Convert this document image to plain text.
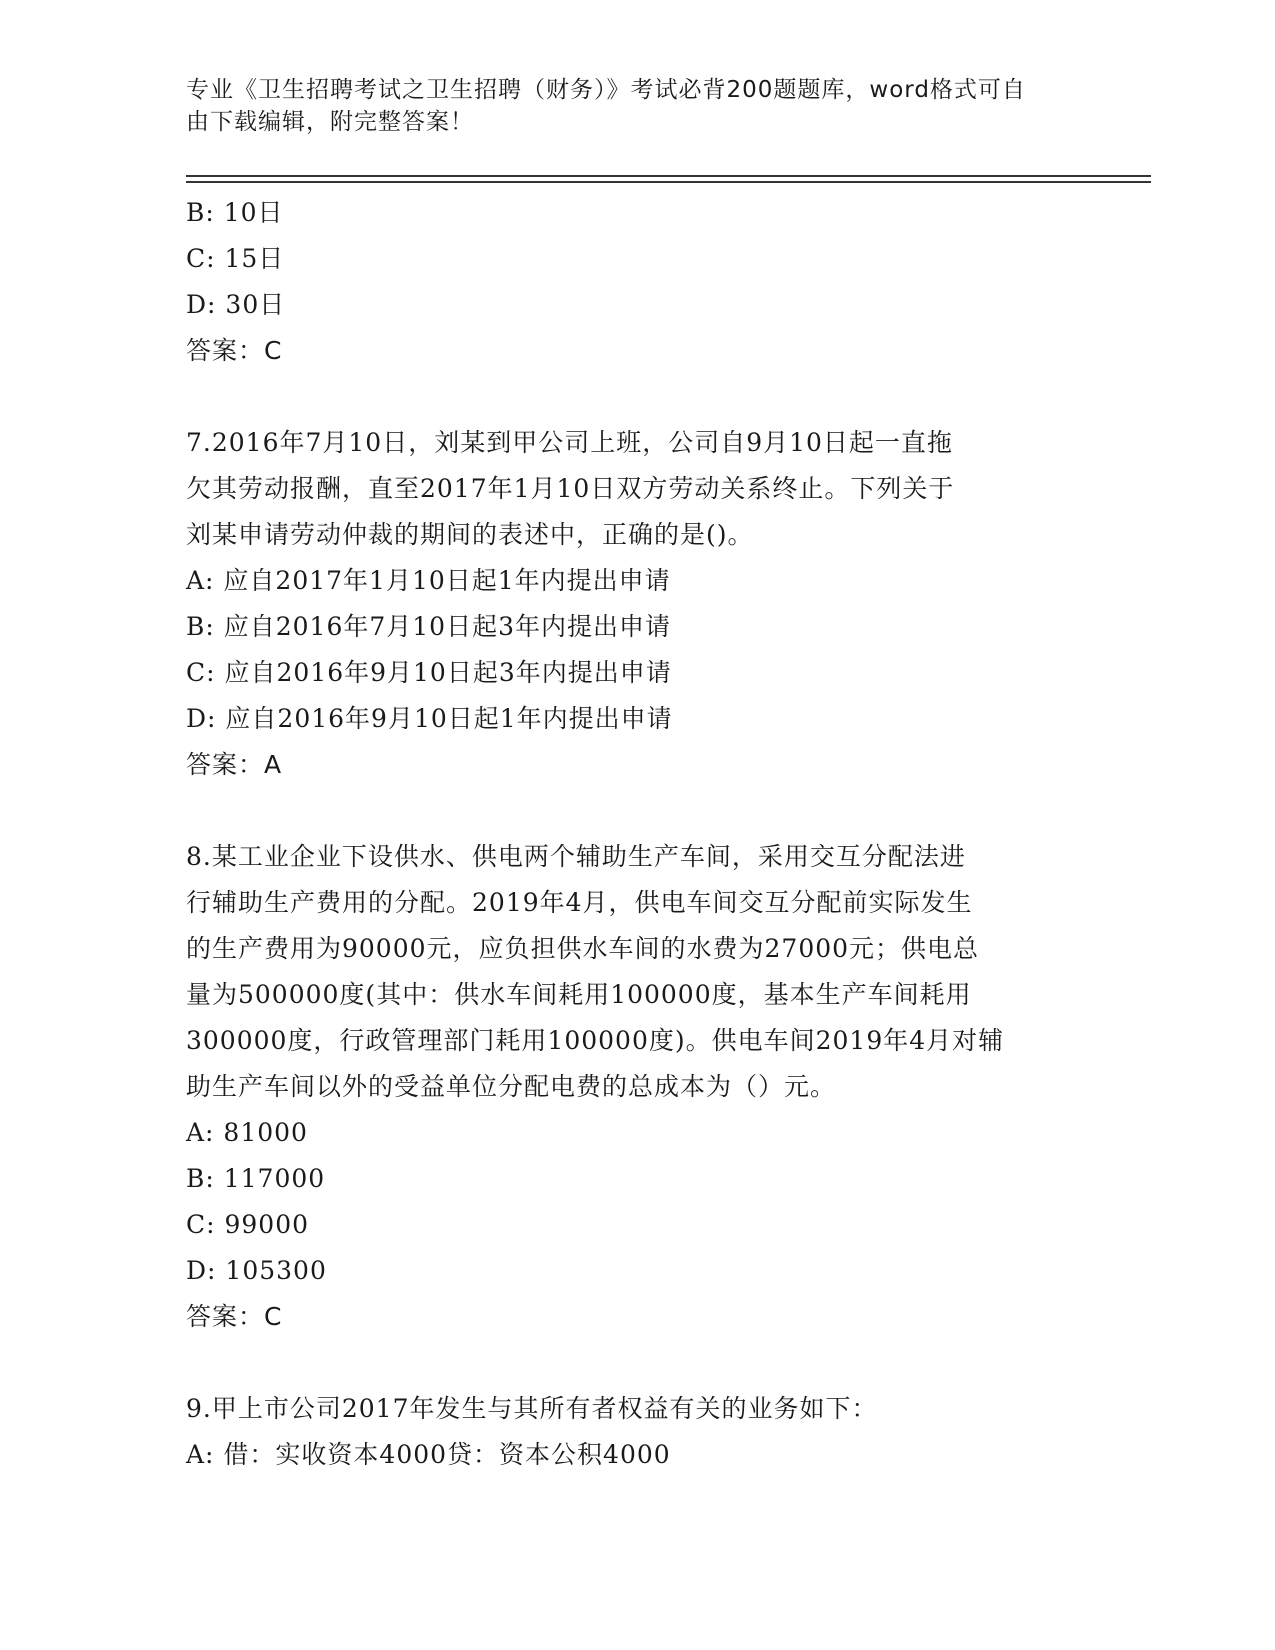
专业《卫生招聘考试之卫生招聘（财务）》考试必背200题题库，word格式可自
由下载编辑，附完整答案！
B: 10日
C: 15日
D: 30日
答案：C
7.2016年7月10日，刘某到甲公司上班，公司自9月10日起一直拖
欠其劳动报酬，直至2017年1月10日双方劳动关系终止。下列关于
刘某申请劳动仲裁的期间的表述中，正确的是()。
A: 应自2017年1月10日起1年内提出申请
B: 应自2016年7月10日起3年内提出申请
C: 应自2016年9月10日起3年内提出申请
D: 应自2016年9月10日起1年内提出申请
答案：A
8.某工业企业下设供水、供电两个辅助生产车间，采用交互分配法进
行辅助生产费用的分配。2019年4月，供电车间交互分配前实际发生
的生产费用为90000元，应负担供水车间的水费为27000元；供电总
量为500000度(其中：供水车间耗用100000度，基本生产车间耗用
300000度，行政管理部门耗用100000度)。供电车间2019年4月对辅
助生产车间以外的受益单位分配电费的总成本为（）元。
A: 81000
B: 117000
C: 99000
D: 105300
答案：C
9.甲上市公司2017年发生与其所有者权益有关的业务如下：
A: 借：实收资本4000贷：资本公积4000
